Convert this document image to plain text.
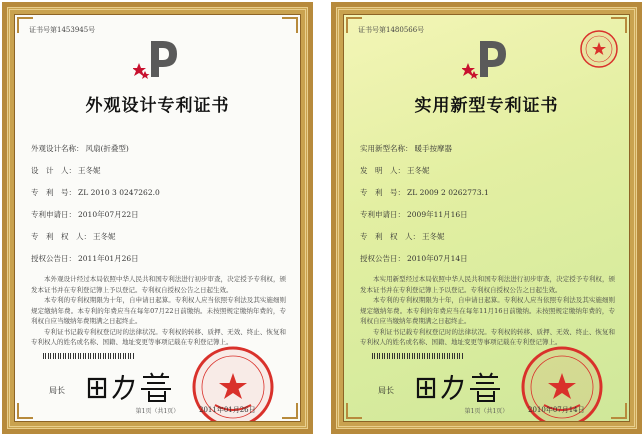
证书号第1453945号
外观设计专利证书
外观设计名称： 风扇(折叠型)
设　计　人： 王冬妮
专　利　号： ZL 2010 3 0247262.0
专利申请日： 2010年07月22日
专　利　权　人： 王冬妮
授权公告日： 2011年01月26日
本外观设计经过本局依照中华人民共和国专利法进行初步审查，决定授予专利权，颁发本证书并在专利登记簿上予以登记。专利权自授权公告之日起生效。
本专利的专利权期限为十年，自申请日起算。专利权人应当依照专利法及其实施细则规定缴纳年费。本专利的年费应当在每年07月22日前缴纳。未按照规定缴纳年费的，专利权自应当缴纳年费期满之日起终止。
专利证书记载专利权登记时的法律状况。专利权的转移、质押、无效、终止、恢复和专利权人的姓名或名称、国籍、地址变更等事项记载在专利登记簿上。
局长
2011年01月26日
第1页（共1页）
证书号第1480566号
实用新型专利证书
实用新型名称： 暖手按摩器
发　明　人： 王冬妮
专　利　号： ZL 2009 2 0262773.1
专利申请日： 2009年11月16日
专　利　权　人： 王冬妮
授权公告日： 2010年07月14日
本实用新型经过本局依照中华人民共和国专利法进行初步审查，决定授予专利权，颁发本证书并在专利登记簿上予以登记。专利权自授权公告之日起生效。
本专利的专利权期限为十年，自申请日起算。专利权人应当依照专利法及其实施细则规定缴纳年费。本专利的年费应当在每年11月16日前缴纳。未按照规定缴纳年费的，专利权自应当缴纳年费期满之日起终止。
专利证书记载专利权登记时的法律状况。专利权的转移、质押、无效、终止、恢复和专利权人的姓名或名称、国籍、地址变更等事项记载在专利登记簿上。
局长
2010年07月14日
第1页（共1页）
